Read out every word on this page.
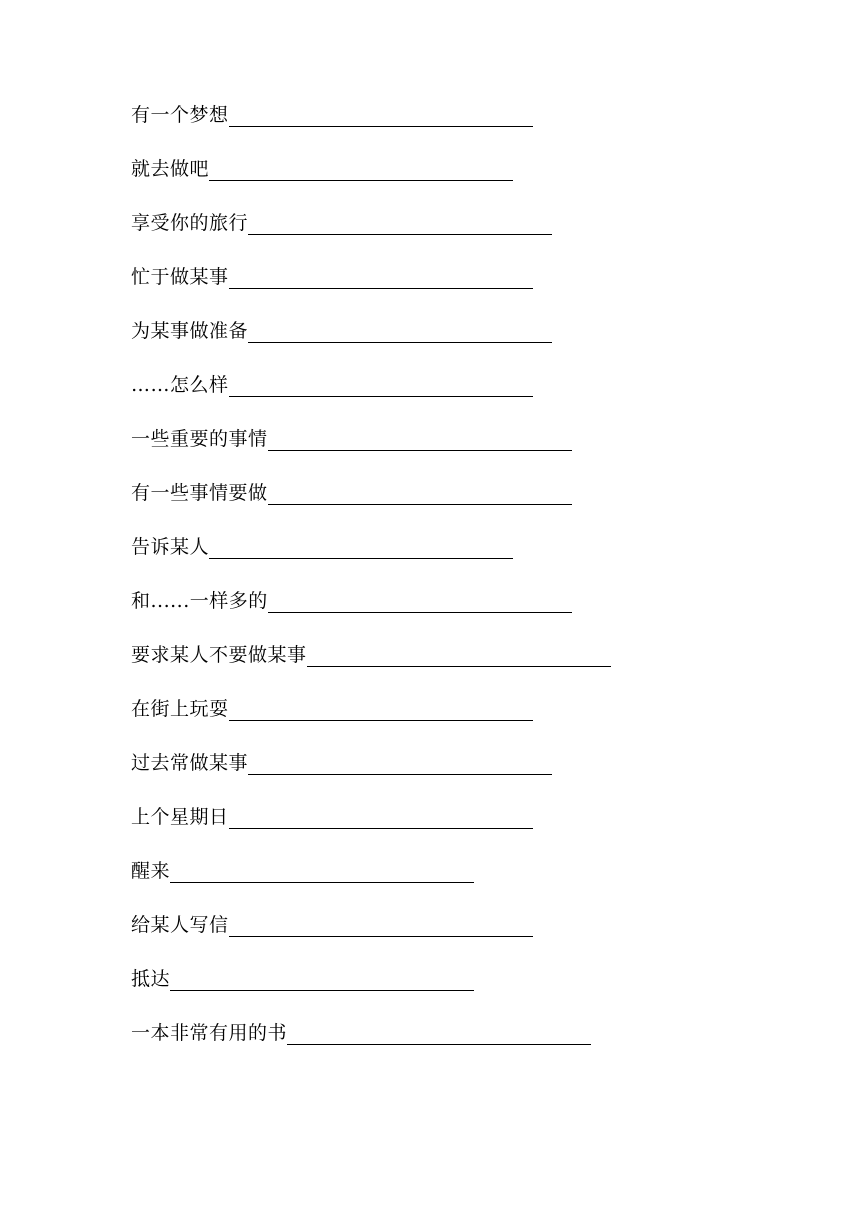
有一个梦想
就去做吧
享受你的旅行
忙于做某事
为某事做准备
……怎么样
一些重要的事情
有一些事情要做
告诉某人
和......一样多的
要求某人不要做某事
在街上玩耍
过去常做某事
上个星期日
醒来
给某人写信
抵达
一本非常有用的书
